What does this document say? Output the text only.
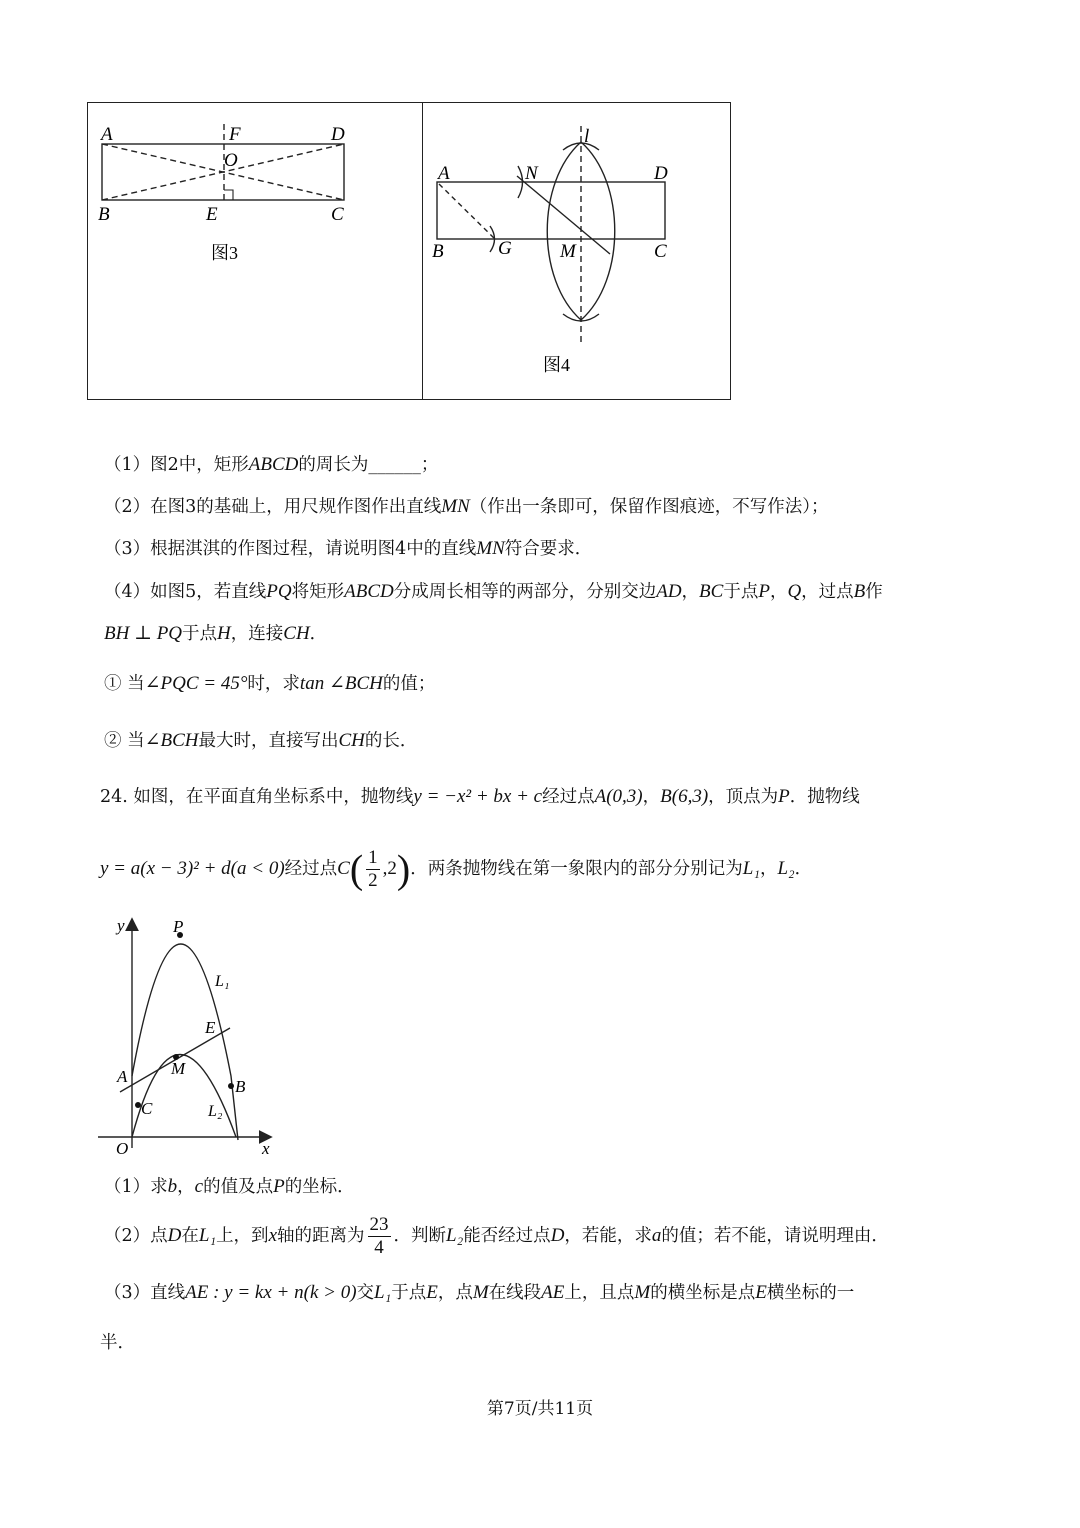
A	F	D
O
B	E	C
图3
l
A	N	D
B	G	M	C
图4
（1）图2中，矩形ABCD的周长为______；
（2）在图3的基础上，用尺规作图作出直线MN（作出一条即可，保留作图痕迹，不写作法）；
（3）根据淇淇的作图过程，请说明图4中的直线MN符合要求．
（4）如图5，若直线PQ将矩形ABCD分成周长相等的两部分，分别交边AD，BC于点P，Q，过点B作
BH ⊥ PQ于点H，连接CH．
① 当∠PQC = 45°时，求tan ∠BCH的值；
② 当∠BCH最大时，直接写出CH的长．
24. 如图，在平面直角坐标系中，抛物线y = −x² + bx + c经过点A(0,3)，B(6,3)，顶点为P．抛物线
y = a(x − 3)² + d(a < 0)经过点$C( \frac{1}{2} ,2)$．两条抛物线在第一象限内的部分分别记为L₁，L₂．
y
x
O
P
L₁
E
A	M
B
C	L₂
（1）求b，c的值及点P的坐标．
（2）点D在L₁上，到x轴的距离为 $\frac{23}{4}$ ．判断L₂能否经过点D，若能，求a的值；若不能，请说明理由．
（3）直线AE : y = kx + n(k > 0)交L₁于点E，点M在线段AE上，且点M的横坐标是点E横坐标的一
半．
第7页/共11页
